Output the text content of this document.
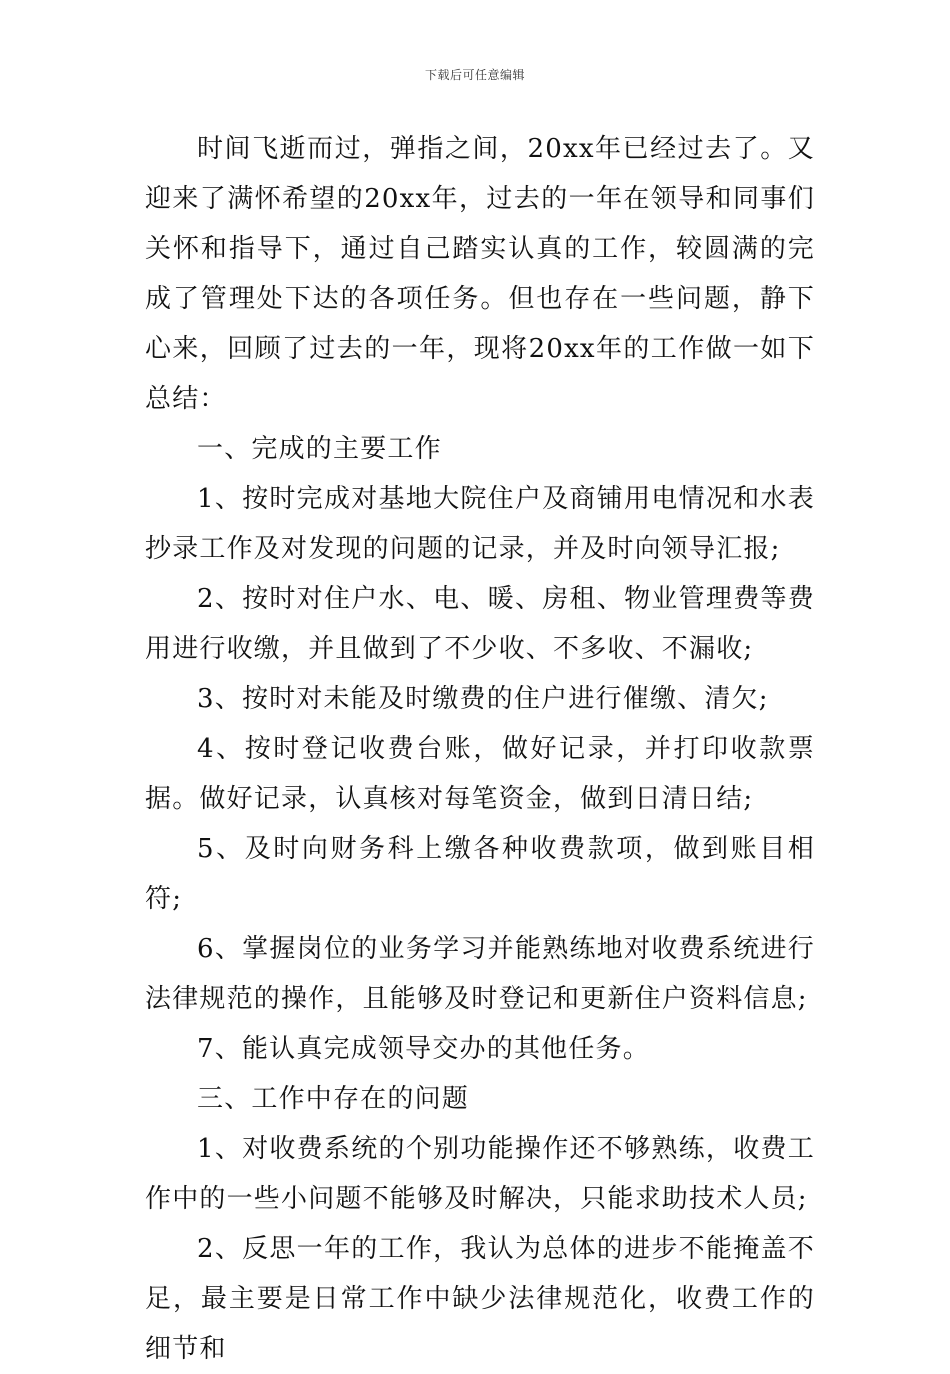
下载后可任意编辑

时间飞逝而过，弹指之间，20xx年已经过去了。又迎来了满怀希望的20xx年，过去的一年在领导和同事们关怀和指导下，通过自己踏实认真的工作，较圆满的完成了管理处下达的各项任务。但也存在一些问题，静下心来，回顾了过去的一年，现将20xx年的工作做一如下总结：

一、完成的主要工作

1、按时完成对基地大院住户及商铺用电情况和水表抄录工作及对发现的问题的记录，并及时向领导汇报;

2、按时对住户水、电、暖、房租、物业管理费等费用进行收缴，并且做到了不少收、不多收、不漏收;

3、按时对未能及时缴费的住户进行催缴、清欠;

4、按时登记收费台账，做好记录，并打印收款票据。做好记录，认真核对每笔资金，做到日清日结;

5、及时向财务科上缴各种收费款项，做到账目相符;

6、掌握岗位的业务学习并能熟练地对收费系统进行法律规范的操作，且能够及时登记和更新住户资料信息;

7、能认真完成领导交办的其他任务。

三、工作中存在的问题

1、对收费系统的个别功能操作还不够熟练，收费工作中的一些小问题不能够及时解决，只能求助技术人员;

2、反思一年的工作，我认为总体的进步不能掩盖不足，最主要是日常工作中缺少法律规范化，收费工作的细节和
